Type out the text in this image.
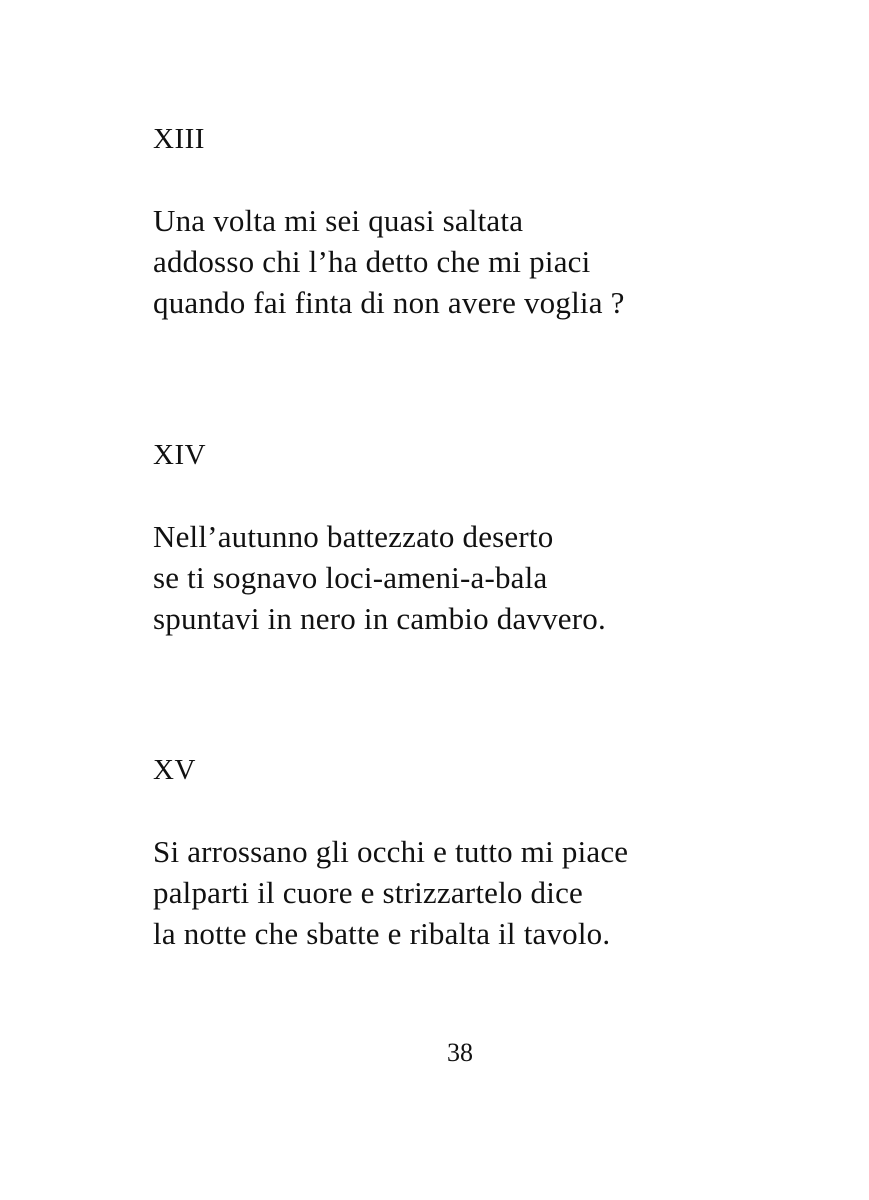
XIII
Una volta mi sei quasi saltata
addosso chi l’ha detto che mi piaci
quando fai finta di non avere voglia ?
XIV
Nell’autunno battezzato deserto
se ti sognavo loci-ameni-a-bala
spuntavi in nero in cambio davvero.
XV
Si arrossano gli occhi e tutto mi piace
palparti il cuore e strizzartelo dice
la notte che sbatte e ribalta il tavolo.
38
